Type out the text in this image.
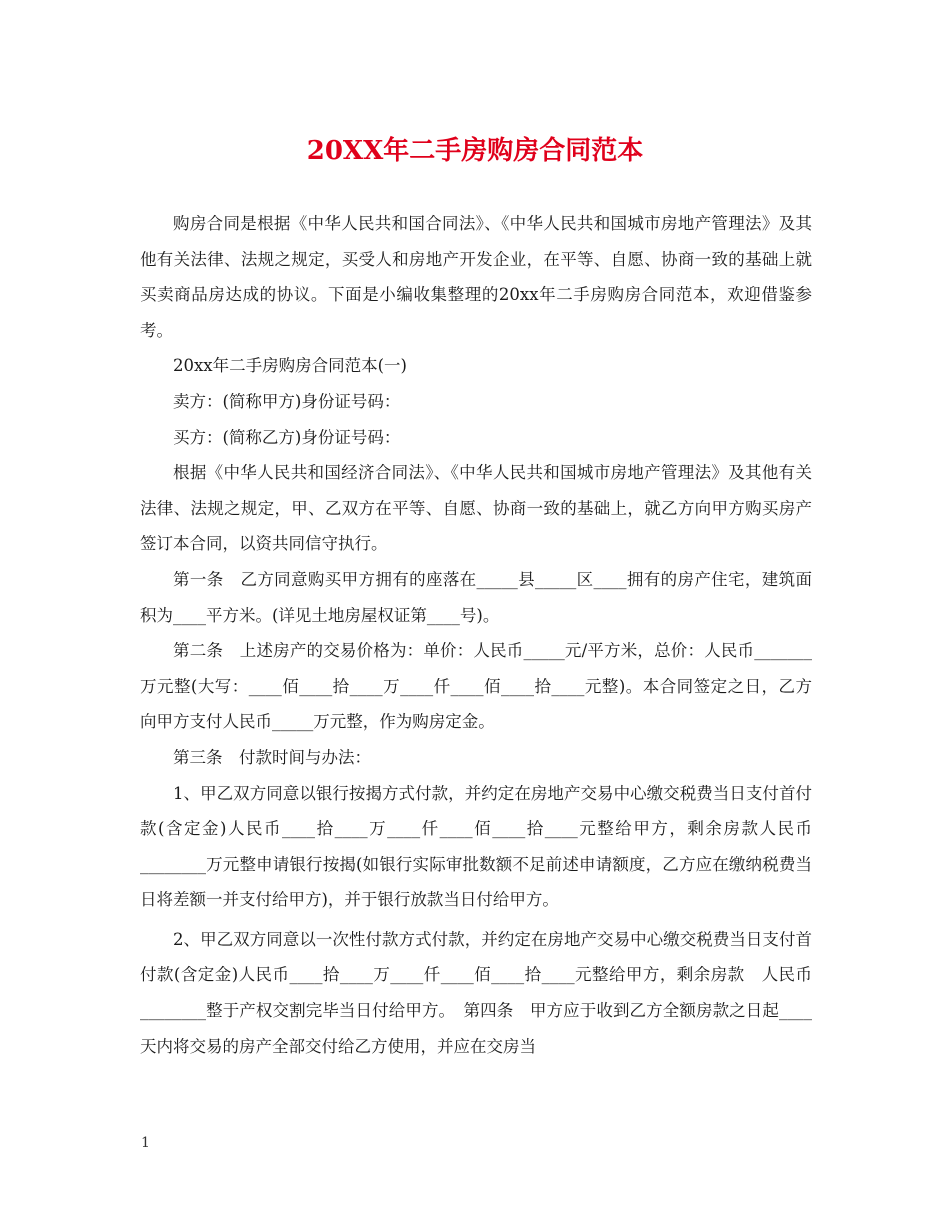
20XX年二手房购房合同范本

购房合同是根据《中华人民共和国合同法》、《中华人民共和国城市房地产管理法》及其他有关法律、法规之规定，买受人和房地产开发企业，在平等、自愿、协商一致的基础上就买卖商品房达成的协议。下面是小编收集整理的20xx年二手房购房合同范本，欢迎借鉴参考。

20xx年二手房购房合同范本(一)

卖方：(简称甲方)身份证号码：

买方：(简称乙方)身份证号码：

根据《中华人民共和国经济合同法》、《中华人民共和国城市房地产管理法》及其他有关法律、法规之规定，甲、乙双方在平等、自愿、协商一致的基础上，就乙方向甲方购买房产签订本合同，以资共同信守执行。

第一条　乙方同意购买甲方拥有的座落在_____县_____区____拥有的房产住宅，建筑面积为____平方米。(详见土地房屋权证第____号)。

第二条　上述房产的交易价格为：单价：人民币_____元/平方米，总价：人民币_______万元整(大写：____佰____拾____万____仟____佰____拾____元整)。本合同签定之日，乙方向甲方支付人民币_____万元整，作为购房定金。

第三条　付款时间与办法：

1、甲乙双方同意以银行按揭方式付款，并约定在房地产交易中心缴交税费当日支付首付款(含定金)人民币____拾____万____仟____佰____拾____元整给甲方，剩余房款人民币________万元整申请银行按揭(如银行实际审批数额不足前述申请额度，乙方应在缴纳税费当日将差额一并支付给甲方)，并于银行放款当日付给甲方。

2、甲乙双方同意以一次性付款方式付款，并约定在房地产交易中心缴交税费当日支付首付款(含定金)人民币____拾____万____仟____佰____拾____元整给甲方，剩余房款　人民币________整于产权交割完毕当日付给甲方。　第四条　甲方应于收到乙方全额房款之日起____天内将交易的房产全部交付给乙方使用，并应在交房当

1
